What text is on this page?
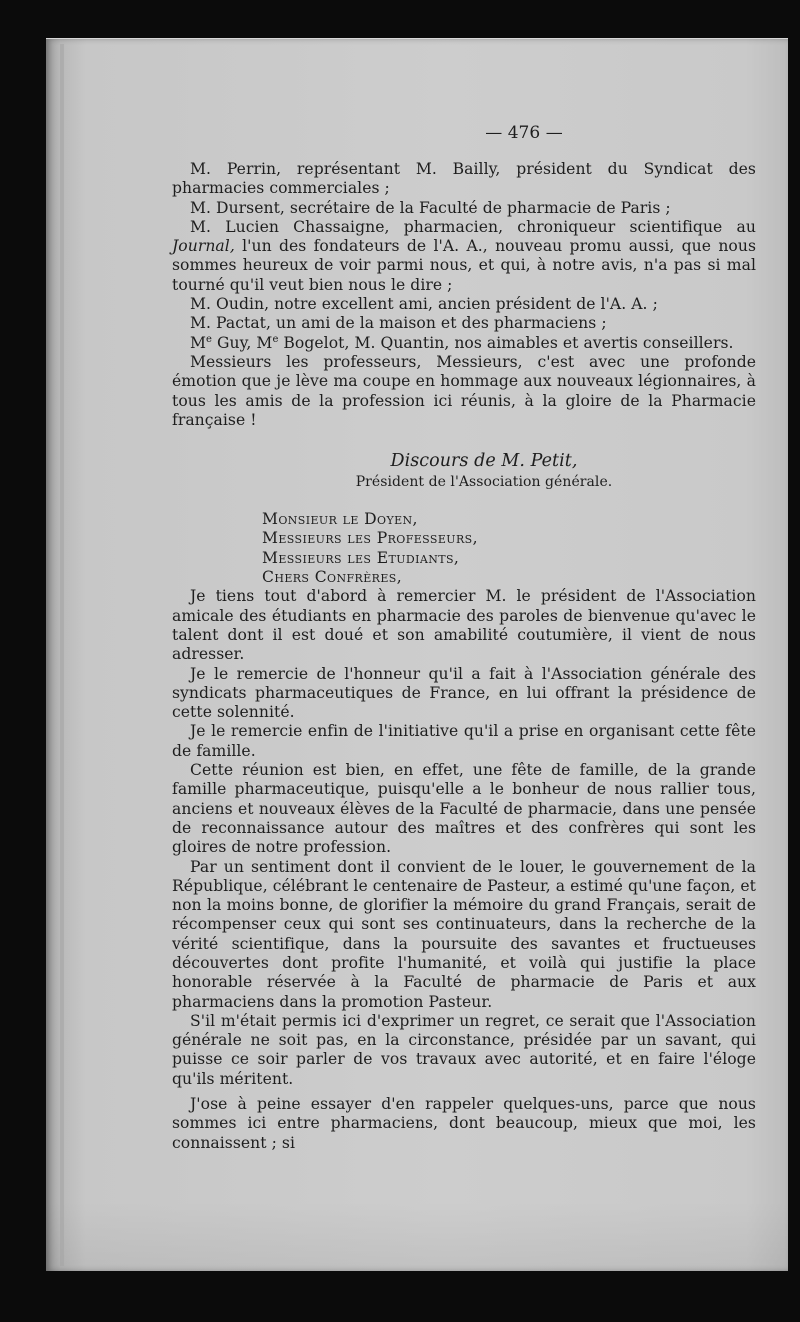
— 476 —

M. Perrin, représentant M. Bailly, président du Syndicat des pharmacies commerciales ;

M. Dursent, secrétaire de la Faculté de pharmacie de Paris ;

M. Lucien Chassaigne, pharmacien, chroniqueur scientifique au Journal, l'un des fondateurs de l'A. A., nouveau promu aussi, que nous sommes heureux de voir parmi nous, et qui, à notre avis, n'a pas si mal tourné qu'il veut bien nous le dire ;

M. Oudin, notre excellent ami, ancien président de l'A. A. ;

M. Pactat, un ami de la maison et des pharmaciens ;

Me Guy, Me Bogelot, M. Quantin, nos aimables et avertis conseillers.

Messieurs les professeurs, Messieurs, c'est avec une profonde émotion que je lève ma coupe en hommage aux nouveaux légionnaires, à tous les amis de la profession ici réunis, à la gloire de la Pharmacie française !

Discours de M. Petit,
Président de l'Association générale.
Monsieur le Doyen,
Messieurs les Professeurs,
Messieurs les Etudiants,
Chers Confrères,

Je tiens tout d'abord à remercier M. le président de l'Association amicale des étudiants en pharmacie des paroles de bienvenue qu'avec le talent dont il est doué et son amabilité coutumière, il vient de nous adresser.

Je le remercie de l'honneur qu'il a fait à l'Association générale des syndicats pharmaceutiques de France, en lui offrant la présidence de cette solennité.

Je le remercie enfin de l'initiative qu'il a prise en organisant cette fête de famille.

Cette réunion est bien, en effet, une fête de famille, de la grande famille pharmaceutique, puisqu'elle a le bonheur de nous rallier tous, anciens et nouveaux élèves de la Faculté de pharmacie, dans une pensée de reconnaissance autour des maîtres et des confrères qui sont les gloires de notre profession.

Par un sentiment dont il convient de le louer, le gouvernement de la République, célébrant le centenaire de Pasteur, a estimé qu'une façon, et non la moins bonne, de glorifier la mémoire du grand Français, serait de récompenser ceux qui sont ses continuateurs, dans la recherche de la vérité scientifique, dans la poursuite des savantes et fructueuses découvertes dont profite l'humanité, et voilà qui justifie la place honorable réservée à la Faculté de pharmacie de Paris et aux pharmaciens dans la promotion Pasteur.

S'il m'était permis ici d'exprimer un regret, ce serait que l'Association générale ne soit pas, en la circonstance, présidée par un savant, qui puisse ce soir parler de vos travaux avec autorité, et en faire l'éloge qu'ils méritent.

J'ose à peine essayer d'en rappeler quelques-uns, parce que nous sommes ici entre pharmaciens, dont beaucoup, mieux que moi, les connaissent ; si
